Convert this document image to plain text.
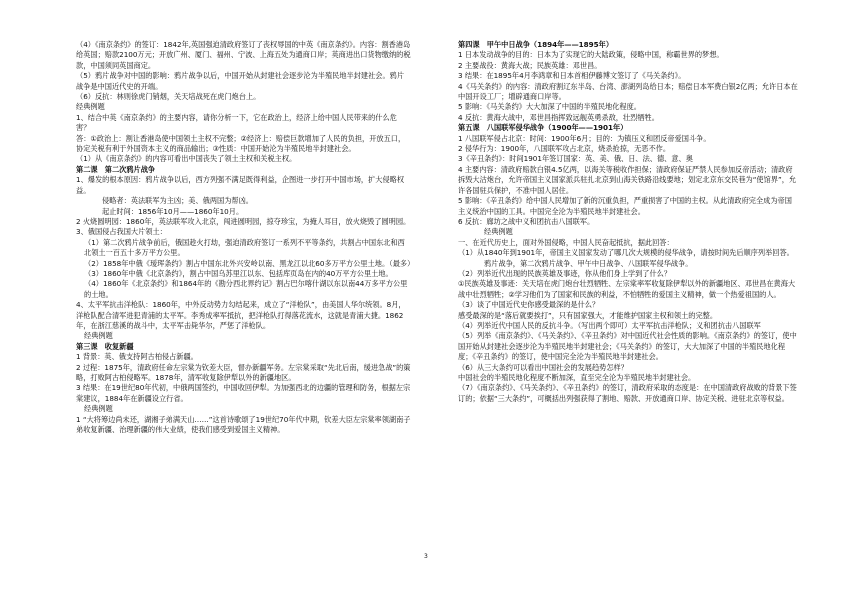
（4）《南京条约》的签订：1842年,英国强迫清政府签订了丧权辱国的中英《南京条约》。内容：割香港岛给英国；赔款2100万元；开放广州、厦门、福州、宁波、上海五处为通商口岸；英商进出口货物缴纳的税款，中国须同英国商定。

（5）鸦片战争对中国的影响：鸦片战争以后，中国开始从封建社会逐步沦为半殖民地半封建社会。鸦片战争是中国近代史的开端。

（6）反抗：林则徐虎门销烟，关天培战死在虎门炮台上。

经典例题

1、结合中英《南京条约》的主要内容，请你分析一下，它在政治上，经济上给中国人民带来的什么危害？

答：①政治上：割让香港岛使中国领土主权不完整；②经济上：赔偿巨款增加了人民的负担，开放五口，协定关税有利于外国资本主义的商品输出；③性质：中国开始沦为半殖民地半封建社会。

（1）从《南京条约》的内容可看出中国丧失了领土主权和关税主权。

第二课　第二次鸦片战争

1、爆发的根本原因：鸦片战争以后，西方列强不满足既得利益，企图进一步打开中国市场，扩大侵略权益。

侵略者：英法联军为主凶；美、俄两国为帮凶。

起止时间：1856年10月——1860年10月。

2 火烧圆明园：1860年，英法联军攻入北京，闯进圆明园，掠夺珍宝，为掩人耳目，放火烧毁了圆明园。

3、俄国侵占我国大片领土：

（1）第二次鸦片战争前后，俄国趁火打劫，强迫清政府签订一系列不平等条约，共割占中国东北和西北领土一百五十多万平方公里。

（2）1858年中俄《瑷珲条约》割占中国东北外兴安岭以南、黑龙江以北60多万平方公里土地。（最多）

（3）1860年中俄《北京条约》，割占中国乌苏里江以东、包括库页岛在内的40万平方公里土地。

（4）1860年《北京条约》和1864年的《勘分西北界约记》割占巴尔喀什湖以东以南44万多平方公里的土地。

4、太平军抗击洋枪队：1860年，中外反动势力勾结起来，成立了“洋枪队”，由美国人华尔统领。8月，洋枪队配合清军进犯青浦的太平军。李秀成率军抵抗，把洋枪队打得落花流水，这就是青浦大捷。1862年，在浙江慈溪的战斗中，太平军击毙华尔，严惩了洋枪队。

经典例题

第三课　收复新疆

1 背景：英、俄支持阿古柏侵占新疆。

2 过程：1875年，清政府任命左宗棠为钦差大臣，督办新疆军务。左宗棠采取“先北后南，缓进急战”的策略，打败阿古柏侵略军。1878年，清军收复除伊犁以外的新疆地区。

3 结果：在19世纪80年代初，中俄两国签约，中国收回伊犁。为加强西北的边疆的管理和防务，根据左宗棠建议，1884年在新疆设立行省。

经典例题

1 “大将筹边尚未还，湖湘子弟满天山……”这首诗歌颂了19世纪70年代中期，钦差大臣左宗棠率领湖南子弟收复新疆、治理新疆的伟大业绩，使我们感受到爱国主义精神。

第四课　甲午中日战争（1894年——1895年）

1 日本发动战争的目的：日本为了实现它的大陆政策，侵略中国，称霸世界的梦想。

2 主要战役：黄海大战；民族英雄：邓世昌。

3 结果：在1895年4月李鸿章和日本首相伊藤博文签订了《马关条约》。

4《马关条约》的内容：清政府割辽东半岛、台湾、澎湖列岛给日本；赔偿日本军费白银2亿两；允许日本在中国开设工厂；增辟通商口岸等。

5 影响：《马关条约》大大加深了中国的半殖民地化程度。

4 反抗：黄海大战中，邓世昌指挥致远舰英勇杀敌，壮烈牺牲。

第五课　八国联军侵华战争（1900年——1901年）

1 八国联军侵占北京：时间：1900年6月；目的：为镇压义和团反帝爱国斗争。

2 侵华行为：1900年，八国联军攻占北京，烧杀抢掠，无恶不作。

3《辛丑条约》：时间1901年签订国家：英、美、俄、日、法、德、意、奥

4 主要内容：清政府赔款白银4.5亿两，以海关等税收作担保；清政府保证严禁人民参加反帝活动；清政府拆毁大沽炮台，允许帝国主义国家派兵驻扎北京到山海关铁路沿线要地；划定北京东交民巷为“使馆界”，允许各国驻兵保护，不准中国人居住。

5 影响：《辛丑条约》给中国人民增加了新的沉重负担，严重损害了中国的主权。从此清政府完全成为帝国主义统治中国的工具。中国完全沦为半殖民地半封建社会。

6 反抗：廊坊之战中义和团抗击八国联军。

经典例题

一、在近代历史上，面对外国侵略，中国人民奋起抵抗，据此回答：

（1）从1840年到1901年，帝国主义国家发动了哪几次大规模的侵华战争，请按时间先后顺序列举回答。

鸦片战争，第二次鸦片战争、甲午中日战争、八国联军侵华战争。

（2）列举近代出现的民族英雄及事迹，你从他们身上学到了什么？

①民族英雄及事迹：关天培在虎门炮台壮烈牺牲、左宗棠率军收复除伊犁以外的新疆地区、邓世昌在黄海大战中壮烈牺牲；②学习他们为了国家和民族的利益，不怕牺牲的爱国主义精神，做一个热爱祖国的人。

（3）谈了中国近代史你感受最深的是什么？

感受最深的是“落后就要挨打”，只有国家强大，才能维护国家主权和领土的完整。

（4）列举近代中国人民的反抗斗争。（写出两个即可）太平军抗击洋枪队；义和团抗击八国联军

（5）列举《南京条约》、《马关条约》、《辛丑条约》对中国近代社会性质的影响。《南京条约》的签订，使中国开始从封建社会逐步沦为半殖民地半封建社会；《马关条约》的签订，大大加深了中国的半殖民地化程度；《辛丑条约》的签订，使中国完全沦为半殖民地半封建社会。

（6）从三大条约可以看出中国社会的发展趋势怎样？

中国社会的半殖民地化程度不断加深，直至完全沦为半殖民地半封建社会。

（7）《南京条约》、《马关条约》、《辛丑条约》的签订，清政府采取的态度是：在中国清政府战败的背景下签订的；依据“三大条约”，可概括出列强获得了割地、赔款、开放通商口岸、协定关税、进驻北京等权益。

3
